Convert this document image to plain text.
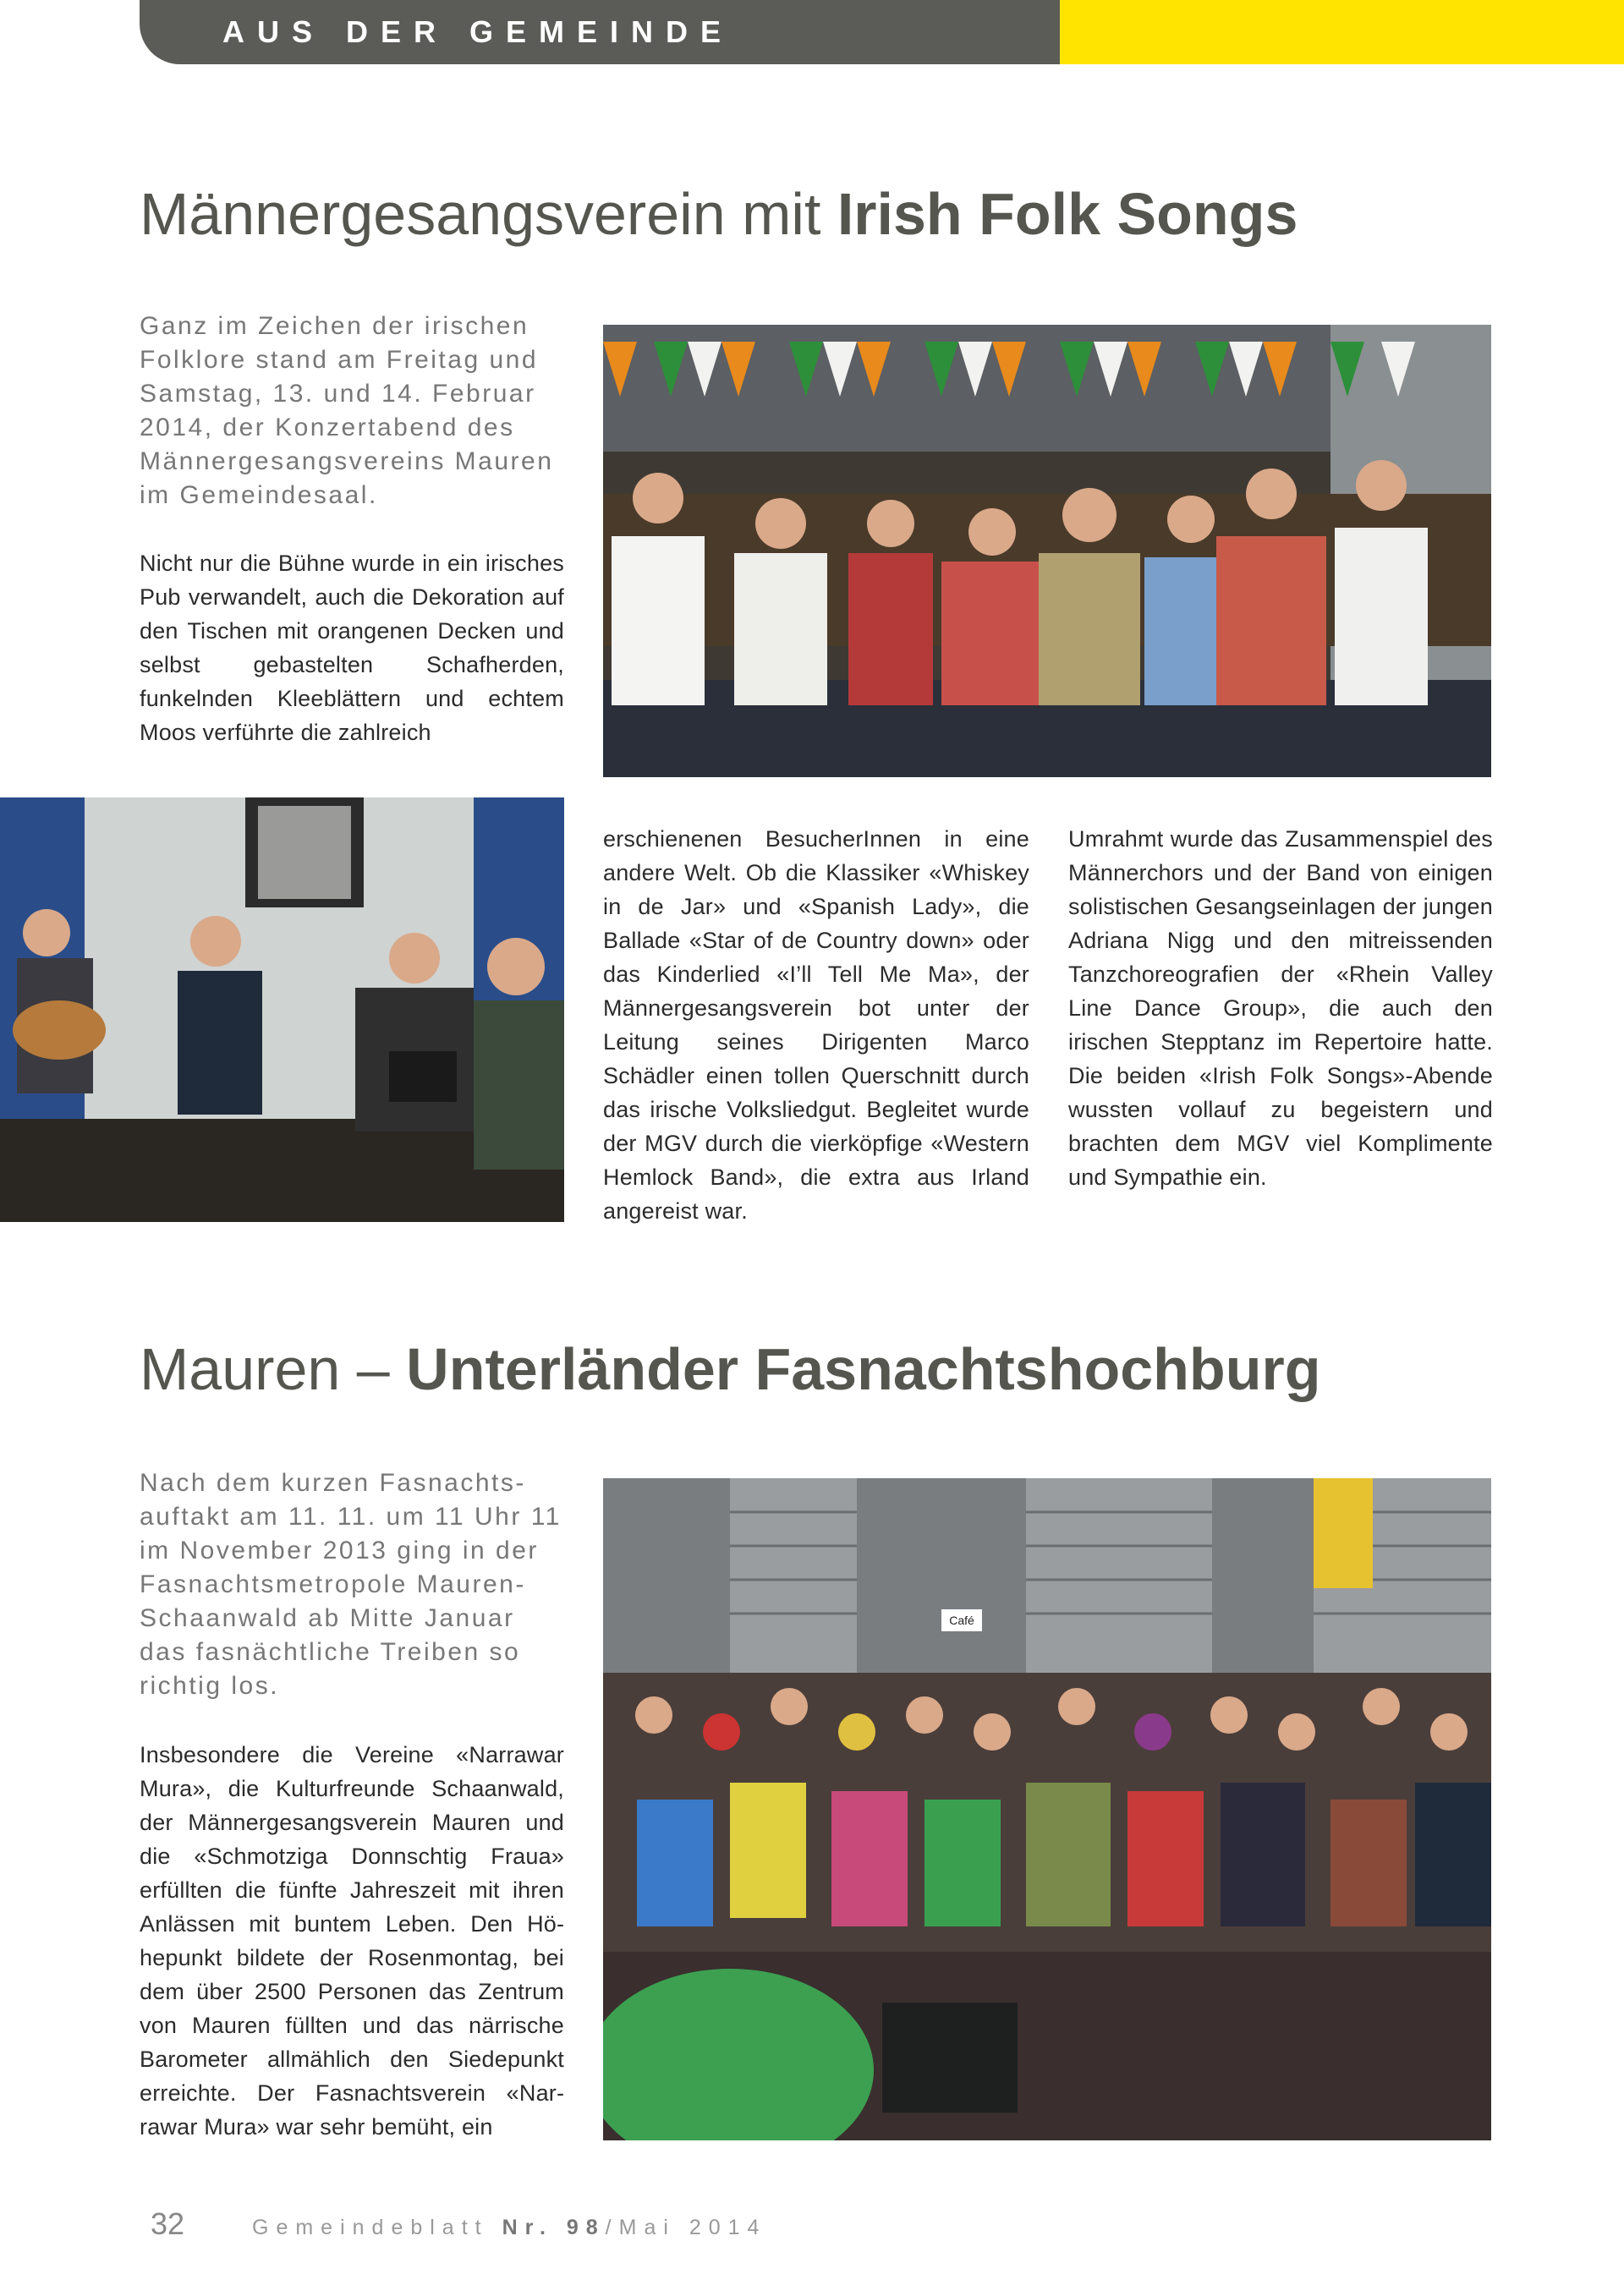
AUS DER GEMEINDE
Männergesangsverein mit Irish Folk Songs

Ganz im Zeichen der irischen Folklore stand am Freitag und Samstag, 13. und 14. Februar 2014, der Konzertabend des Männergesangsvereins Mauren im Gemeindesaal.

Nicht nur die Bühne wurde in ein irisches Pub verwandelt, auch die Dekoration auf den Tischen mit orangenen Decken und selbst gebastelten Schafherden, funkelnden Kleeblättern und echtem Moos verführte die zahlreich

erschienenen BesucherInnen in eine andere Welt. Ob die Klassiker «Whiskey in de Jar» und «Spanish Lady», die Ballade «Star of de Country down» oder das Kinderlied «I’ll Tell Me Ma», der Männergesangsverein bot unter der Leitung seines Dirigenten Marco Schädler einen tollen Querschnitt durch das irische Volksliedgut. Begleitet wurde der MGV durch die vierköpfige «Western Hemlock Band», die extra aus Irland angereist war.

Umrahmt wurde das Zusammenspiel des Männerchors und der Band von einigen solistischen Gesangseinlagen der jungen Adriana Nigg und den mitreissenden Tanzchoreografien der «Rhein Valley Line Dance Group», die auch den irischen Stepptanz im Repertoire hatte. Die beiden «Irish Folk Songs»-Abende wussten vollauf zu begeistern und brachten dem MGV viel Komplimente und Sympathie ein.

Mauren – Unterländer Fasnachtshochburg

Nach dem kurzen Fasnachtsauftakt am 11. 11. um 11 Uhr 11 im November 2013 ging in der Fasnachtsmetropole Mauren-Schaanwald ab Mitte Januar das fasnächtliche Treiben so richtig los.

Insbesondere die Vereine «Narrawar Mura», die Kulturfreunde Schaanwald, der Männergesangsverein Mauren und die «Schmotziga Donnschtig Fraua» erfüllten die fünfte Jahreszeit mit ihren Anlässen mit buntem Leben. Den Höhepunkt bildete der Rosenmontag, bei dem über 2500 Personen das Zentrum von Mauren füllten und das närrische Barometer allmählich den Siedepunkt erreichte. Der Fasnachtsverein «Narrawar Mura» war sehr bemüht, ein

Café
32	Gemeindeblatt Nr. 98/Mai 2014
